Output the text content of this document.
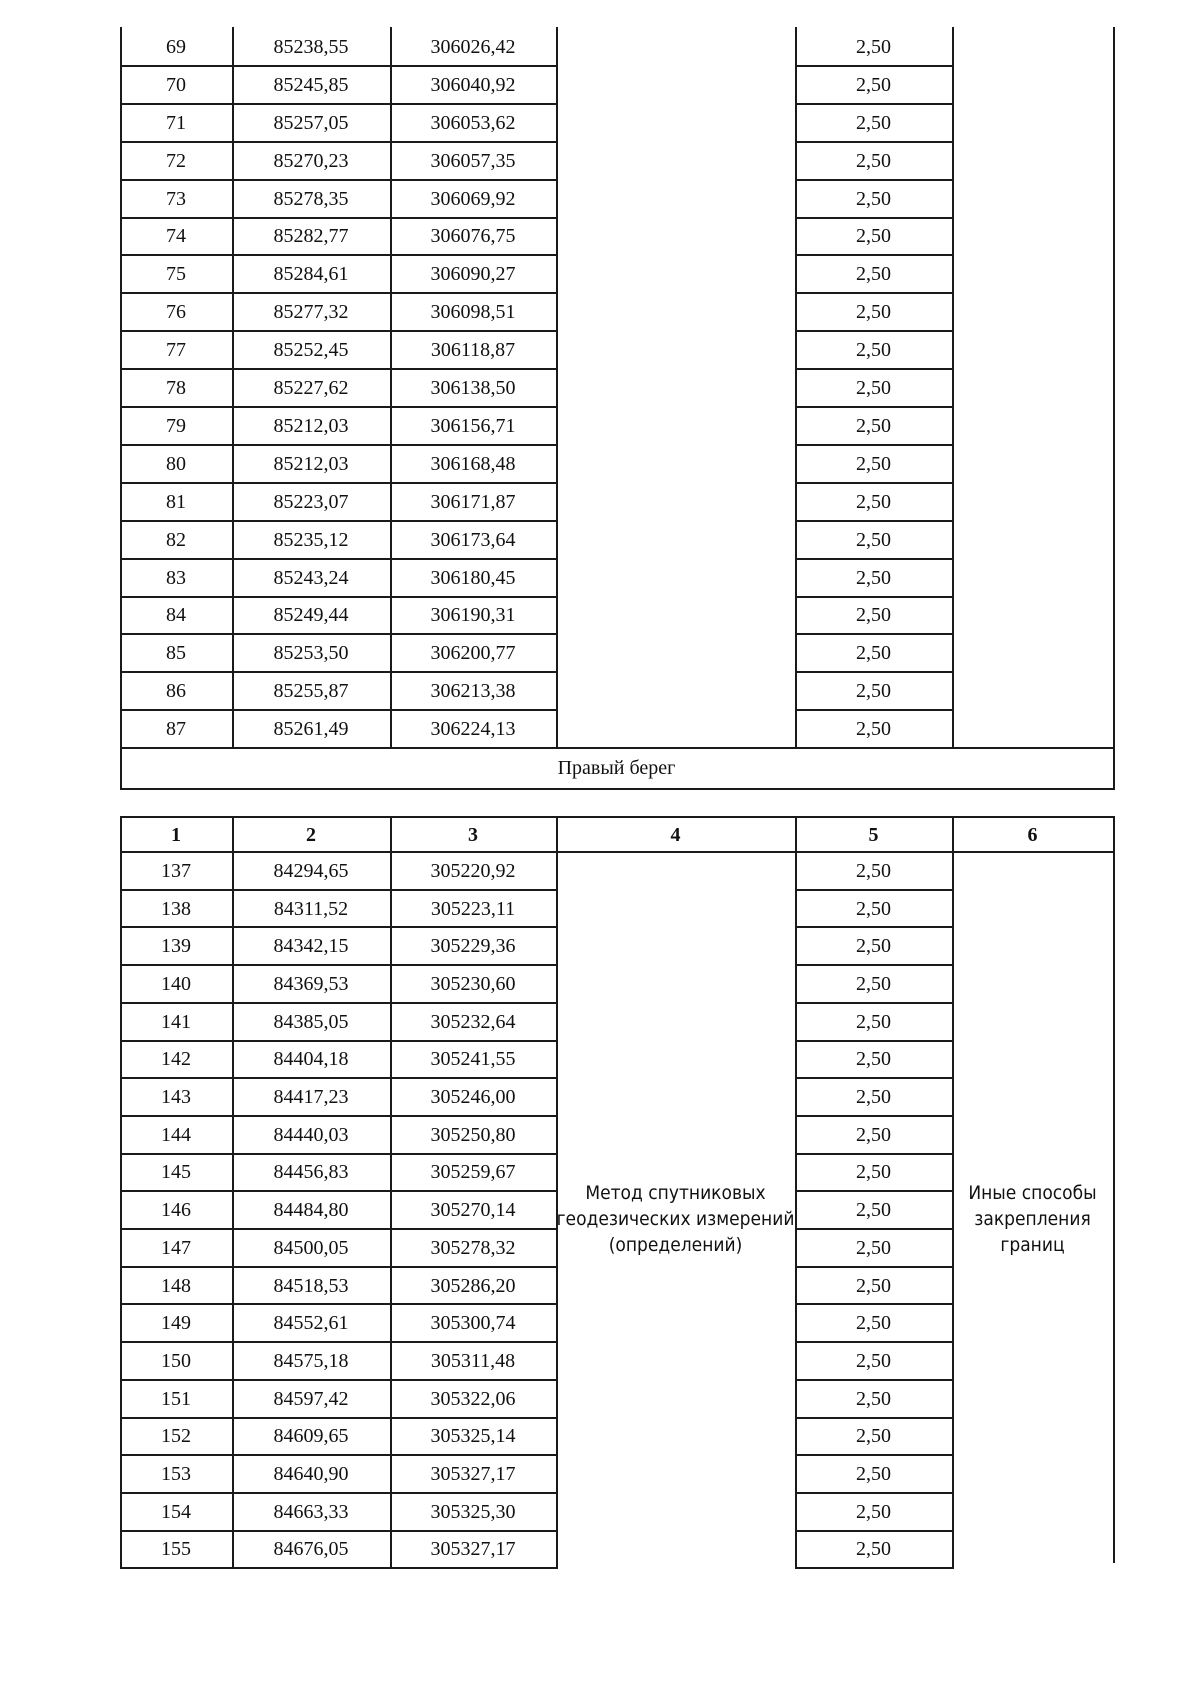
69	85238,55	306026,42	2,50
70	85245,85	306040,92	2,50
71	85257,05	306053,62	2,50
72	85270,23	306057,35	2,50
73	85278,35	306069,92	2,50
74	85282,77	306076,75	2,50
75	85284,61	306090,27	2,50
76	85277,32	306098,51	2,50
77	85252,45	306118,87	2,50
78	85227,62	306138,50	2,50
79	85212,03	306156,71	2,50
80	85212,03	306168,48	2,50
81	85223,07	306171,87	2,50
82	85235,12	306173,64	2,50
83	85243,24	306180,45	2,50
84	85249,44	306190,31	2,50
85	85253,50	306200,77	2,50
86	85255,87	306213,38	2,50
87	85261,49	306224,13	2,50
Правый берег
1	2	3	4	5	6
137	84294,65	305220,92	2,50
138	84311,52	305223,11	2,50
139	84342,15	305229,36	2,50
140	84369,53	305230,60	2,50
141	84385,05	305232,64	2,50
142	84404,18	305241,55	2,50
143	84417,23	305246,00	2,50
144	84440,03	305250,80	2,50
145	84456,83	305259,67	2,50
146	84484,80	305270,14	2,50
147	84500,05	305278,32	2,50
148	84518,53	305286,20	2,50
149	84552,61	305300,74	2,50
150	84575,18	305311,48	2,50
151	84597,42	305322,06	2,50
152	84609,65	305325,14	2,50
153	84640,90	305327,17	2,50
154	84663,33	305325,30	2,50
155	84676,05	305327,17	2,50
Метод спутниковых
геодезических измерений
(определений)
Иные способы
закрепления
границ
